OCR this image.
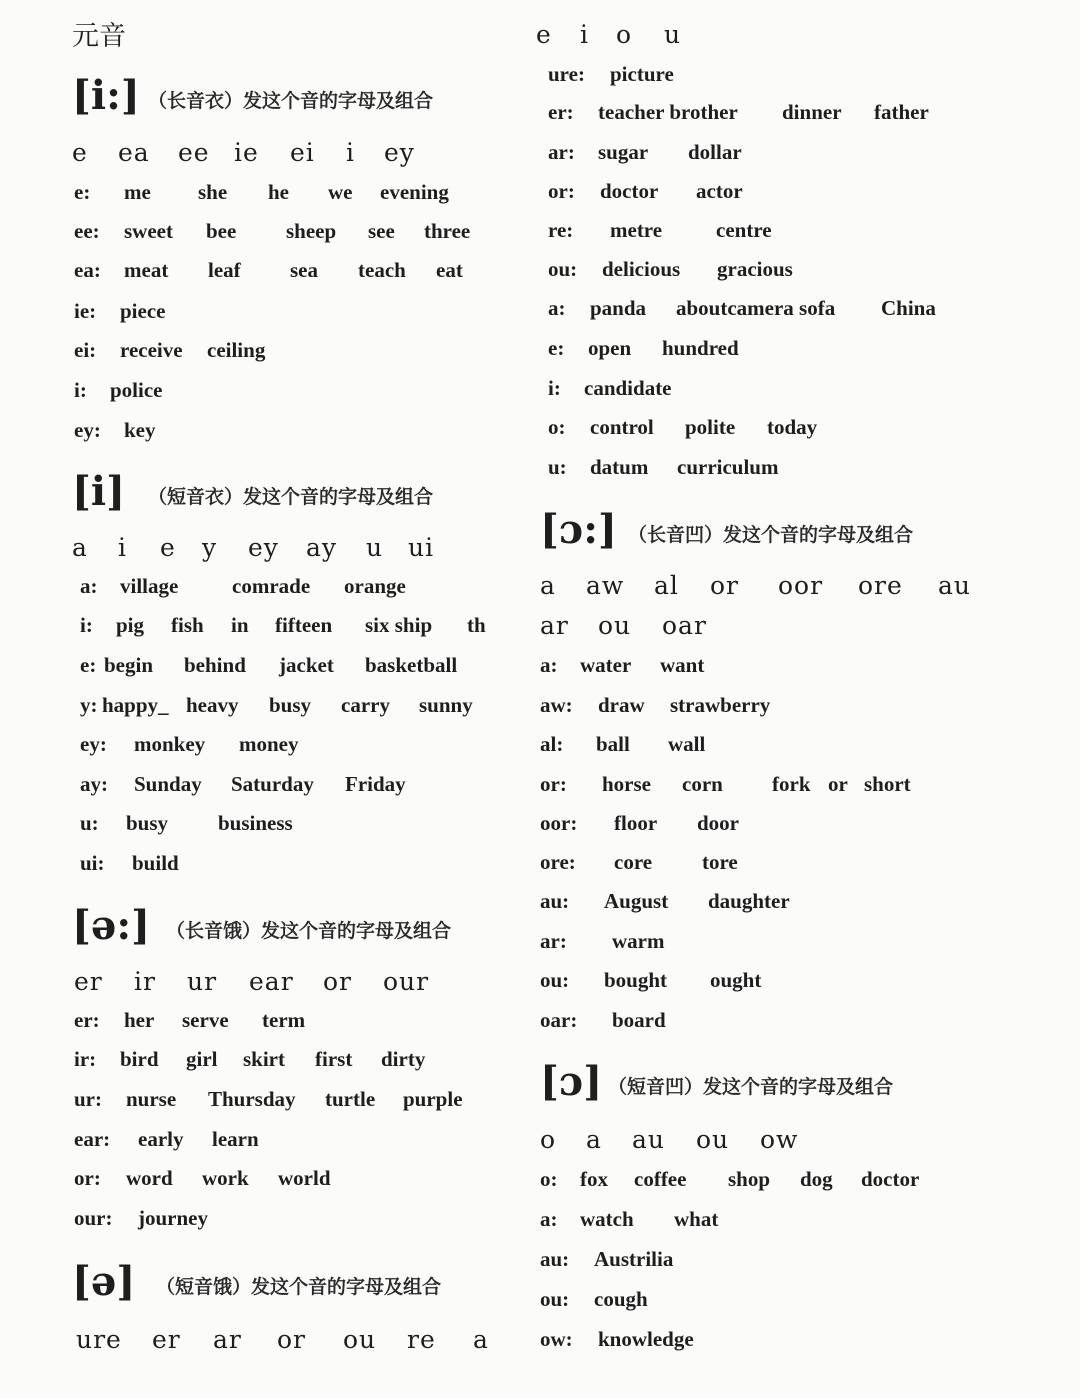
元音
[i:] （长音衣）发这个音的字母及组合
e ea ee ie ei i ey
e: me she he we evening
ee: sweet bee sheep see three
ea: meat leaf sea teach eat
ie: piece
ei: receive ceiling
i: police
ey: key
[i] （短音衣）发这个音的字母及组合
a i e y ey ay u ui
a: village	comrade orange
i: pig fish in fifteen six ship th
e: begin behind jacket basketball
y: happy_ heavy busy carry sunny
ey: monkey money
ay: Sunday Saturday Friday
u: busy business
ui: build
[ə:] （长音饿）发这个音的字母及组合
er ir ur ear or our
er: her serve term
ir: bird girl skirt first dirty
ur: nurse Thursday turtle purple
ear: early learn
or: word work world
our: journey
[ə] （短音饿）发这个音的字母及组合
ure er ar or ou re a
e i o u
ure: picture
er: teacher brother dinner father
ar: sugar dollar
or: doctor actor
re: metre	centre
ou: delicious gracious
a: panda aboutcamera sofa China
e: open hundred
i: candidate
o: control polite today
u: datum curriculum
[ɔ:] （长音凹）发这个音的字母及组合
a aw al or oor ore au
ar ou oar
a: water want
aw: draw strawberry
al: ball wall
or: horse corn fork or short
oor: floor door
ore: core tore
au: August daughter
ar: warm
ou: bought ought
oar: board
[ɔ] （短音凹）发这个音的字母及组合
o a au ou ow
o: fox coffee shop dog doctor
a: watch what
au: Austrilia
ou: cough
ow: knowledge
